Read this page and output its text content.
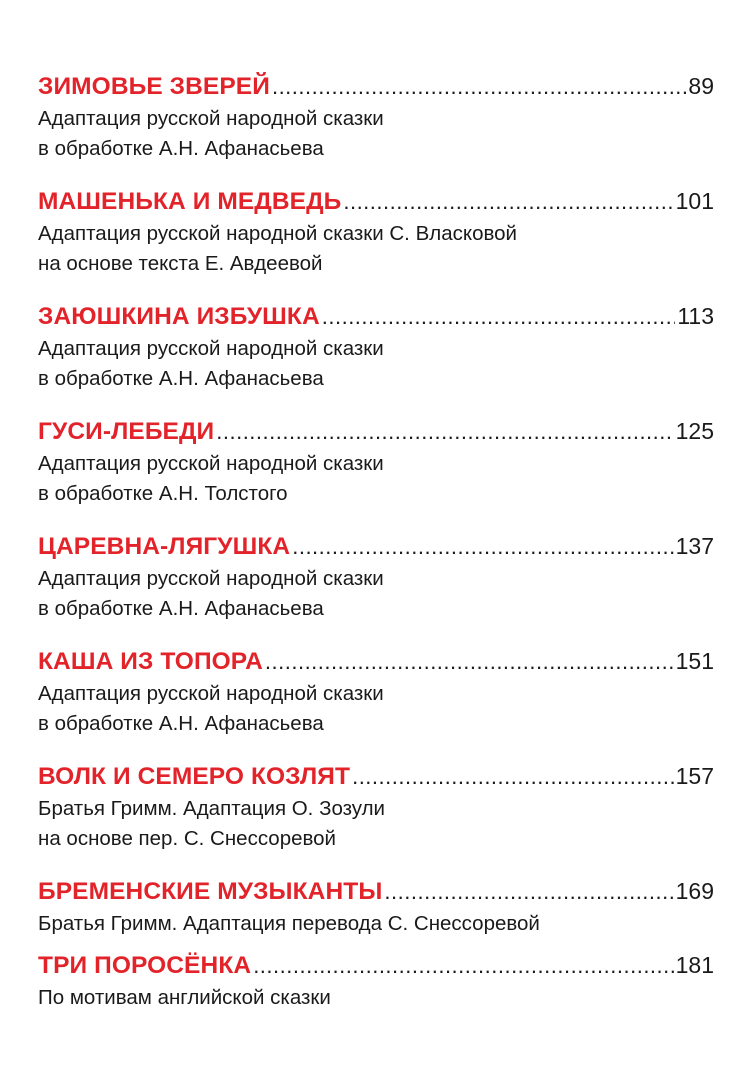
ЗИМОВЬЕ ЗВЕРЕЙ .....	89
Адаптация русской народной сказки
в обработке А.Н. Афанасьева
МАШЕНЬКА И МЕДВЕДЬ .....	101
Адаптация русской народной сказки С. Власковой
на основе текста Е. Авдеевой
ЗАЮШКИНА ИЗБУШКА .....	113
Адаптация русской народной сказки
в обработке А.Н. Афанасьева
ГУСИ-ЛЕБЕДИ .....	125
Адаптация русской народной сказки
в обработке А.Н. Толстого
ЦАРЕВНА-ЛЯГУШКА .....	137
Адаптация русской народной сказки
в обработке А.Н. Афанасьева
КАША ИЗ ТОПОРА .....	151
Адаптация русской народной сказки
в обработке А.Н. Афанасьева
ВОЛК И СЕМЕРО КОЗЛЯТ .....	157
Братья Гримм. Адаптация О. Зозули
на основе пер. С. Снессоревой
БРЕМЕНСКИЕ МУЗЫКАНТЫ .....	169
Братья Гримм. Адаптация перевода С. Снессоревой
ТРИ ПОРОСЁНКА .....	181
По мотивам английской сказки
